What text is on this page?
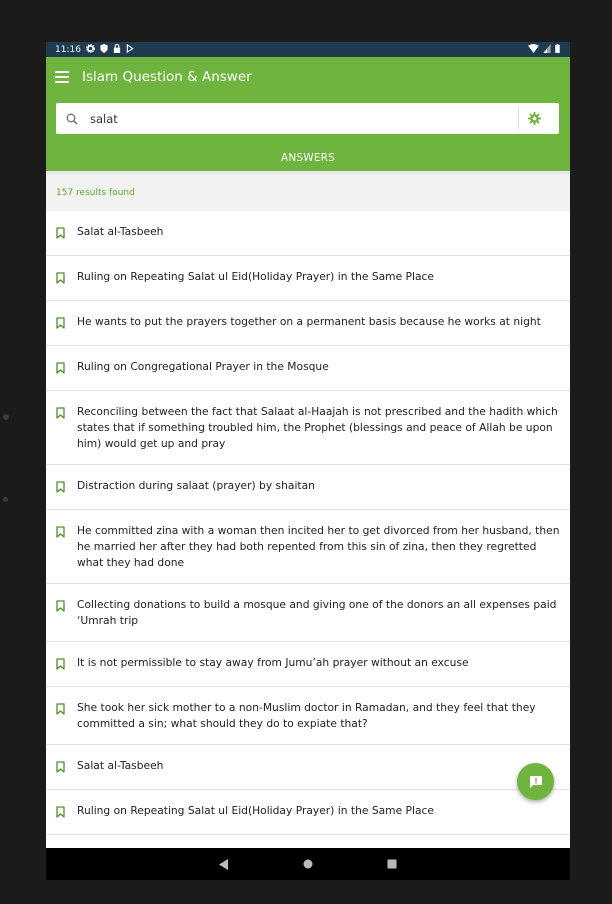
11:16
Islam Question & Answer
salat
ANSWERS
157 results found
Salat al-Tasbeeh
Ruling on Repeating Salat ul Eid(Holiday Prayer) in the Same Place
He wants to put the prayers together on a permanent basis because he works at night
Ruling on Congregational Prayer in the Mosque
Reconciling between the fact that Salaat al-Haajah is not prescribed and the hadith which states that if something troubled him, the Prophet (blessings and peace of Allah be upon him) would get up and pray
Distraction during salaat (prayer) by shaitan
He committed zina with a woman then incited her to get divorced from her husband, then he married her after they had both repented from this sin of zina, then they regretted what they had done
Collecting donations to build a mosque and giving one of the donors an all expenses paid ‘Umrah trip
It is not permissible to stay away from Jumu’ah prayer without an excuse
She took her sick mother to a non-Muslim doctor in Ramadan, and they feel that they committed a sin; what should they do to expiate that?
Salat al-Tasbeeh
Ruling on Repeating Salat ul Eid(Holiday Prayer) in the Same Place
